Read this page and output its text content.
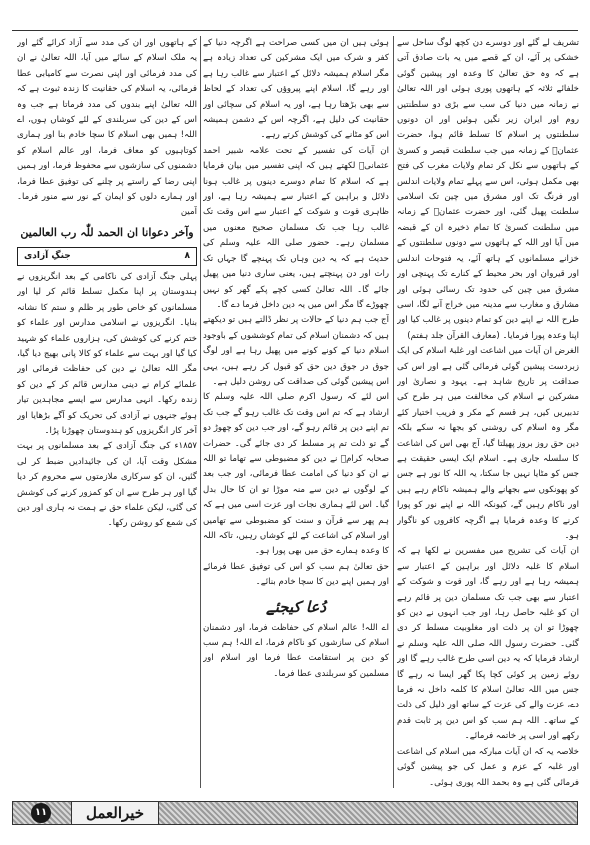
تشریف لے گئے اور دوسرے دن کچھ لوگ ساحل سے خشکی پر آئے، ان کے قصے میں یہ بات صادق آتی ہے کہ وہ حق تعالیٰ کا وعدہ اور پیشین گوئی خلفائے ثلاثہ کے ہاتھوں پوری ہوئی اور اللہ تعالیٰ نے زمانہ میں دنیا کی سب سے بڑی دو سلطنتیں روم اور ایران زیر نگیں ہوئیں اور ان دونوں سلطنتوں پر اسلام کا تسلط قائم ہوا، حضرت عثمانؓ کے زمانہ میں جب سلطنت قیصر و کسریٰ کے ہاتھوں سے نکل کر تمام ولایات مغرب کی فتح بھی مکمل ہوئی، اس سے پہلے تمام ولایات اندلس اور فرنگ تک اور مشرق میں چین تک اسلامی سلطنت پھیل گئی، اور حضرت عثمانؓ کے زمانہ میں سلطنت کسریٰ کا تمام ذخیرہ ان کے قبضہ میں آیا اور اللہ کے ہاتھوں سے دونوں سلطنتوں کے خزانے مسلمانوں کے ہاتھ آئے، یہ فتوحات اندلس اور قیروان اور بحر محیط کے کنارے تک پہنچی اور مشرق میں چین کی حدود تک رسائی ہوئی اور مشارق و مغارب سے مدینہ میں خراج آنے لگا، اسی طرح اللہ نے اپنے دین کو تمام دینوں پر غالب کیا اور اپنا وعدہ پورا فرمایا۔ (معارف القرآن جلد ہفتم)

الغرض ان آیات میں اشاعت اور غلبۂ اسلام کی ایک زبردست پیشین گوئی فرمائی گئی ہے اور اس کی صداقت پر تاریخ شاہد ہے۔ یہود و نصاریٰ اور مشرکین نے اسلام کی مخالفت میں ہر طرح کی تدبیریں کیں، ہر قسم کے مکر و فریب اختیار کئے مگر وہ اسلام کی روشنی کو بجھا نہ سکے بلکہ دین حق روز بروز پھیلتا گیا، آج بھی اس کی اشاعت کا سلسلہ جاری ہے۔ اسلام ایک ایسی حقیقت ہے جس کو مٹایا نہیں جا سکتا، یہ اللہ کا نور ہے جس کو پھونکوں سے بجھانے والے ہمیشہ ناکام رہے ہیں اور ناکام رہیں گے، کیونکہ اللہ نے اپنے نور کو پورا کرنے کا وعدہ فرمایا ہے اگرچہ کافروں کو ناگوار ہو۔

ان آیات کی تشریح میں مفسرین نے لکھا ہے کہ اسلام کا غلبہ دلائل اور براہین کے اعتبار سے ہمیشہ رہا ہے اور رہے گا، اور قوت و شوکت کے اعتبار سے بھی جب تک مسلمان دین پر قائم رہے ان کو غلبہ حاصل رہا، اور جب انہوں نے دین کو چھوڑا تو ان پر ذلت اور مغلوبیت مسلط کر دی گئی۔ حضرت رسول اللہ صلی اللہ علیہ وسلم نے ارشاد فرمایا کہ یہ دین اسی طرح غالب رہے گا اور روئے زمین پر کوئی کچا پکا گھر ایسا نہ رہے گا جس میں اللہ تعالیٰ اسلام کا کلمہ داخل نہ فرما دے، عزت والے کی عزت کے ساتھ اور ذلیل کی ذلت کے ساتھ۔ اللہ ہم سب کو اس دین پر ثابت قدم رکھے اور اسی پر خاتمہ فرمائے۔

خلاصہ یہ کہ ان آیات مبارکہ میں اسلام کی اشاعت اور غلبہ کے عزم و عمل کی جو پیشین گوئی فرمائی گئی ہے وہ بحمد اللہ پوری ہوئی۔

ہوئی ہیں ان میں کسی صراحت ہے اگرچہ دنیا کے کفر و شرک میں ایک مشرکین کی تعداد زیادہ ہے مگر اسلام ہمیشہ دلائل کے اعتبار سے غالب رہا ہے اور رہے گا، اسلام اپنے پیروؤں کی تعداد کے لحاظ سے بھی بڑھتا رہا ہے، اور یہ اسلام کی سچائی اور حقانیت کی دلیل ہے، اگرچہ اس کے دشمن ہمیشہ اس کو مٹانے کی کوشش کرتے رہے۔

ان آیات کی تفسیر کے تحت علامہ شبیر احمد عثمانیؒ لکھتے ہیں کہ اپنی تفسیر میں بیان فرمایا ہے کہ اسلام کا تمام دوسرے دینوں پر غالب ہونا دلائل و براہین کے اعتبار سے ہمیشہ رہا ہے، اور ظاہری قوت و شوکت کے اعتبار سے اس وقت تک غالب رہا جب تک مسلمان صحیح معنوں میں مسلمان رہے۔ حضور صلی اللہ علیہ وسلم کی حدیث ہے کہ یہ دین وہاں تک پہنچے گا جہاں تک رات اور دن پہنچتے ہیں، یعنی ساری دنیا میں پھیل جائے گا۔ اللہ تعالیٰ کسی کچے پکے گھر کو نہیں چھوڑے گا مگر اس میں یہ دین داخل فرما دے گا۔

آج جب ہم دنیا کے حالات پر نظر ڈالتے ہیں تو دیکھتے ہیں کہ دشمنان اسلام کی تمام کوششوں کے باوجود اسلام دنیا کے کونے کونے میں پھیل رہا ہے اور لوگ جوق در جوق دین حق کو قبول کر رہے ہیں، یہی اس پیشین گوئی کی صداقت کی روشن دلیل ہے۔

اس لئے کہ رسول اکرم صلی اللہ علیہ وسلم کا ارشاد ہے کہ تم اس وقت تک غالب رہو گے جب تک تم اپنے دین پر قائم رہو گے، اور جب دین کو چھوڑ دو گے تو ذلت تم پر مسلط کر دی جائے گی۔ حضرات صحابہ کرامؓ نے دین کو مضبوطی سے تھاما تو اللہ نے ان کو دنیا کی امامت عطا فرمائی، اور جب بعد کے لوگوں نے دین سے منہ موڑا تو ان کا حال بدل گیا۔ اس لئے ہماری نجات اور عزت اسی میں ہے کہ ہم پھر سے قرآن و سنت کو مضبوطی سے تھامیں اور اسلام کی اشاعت کے لئے کوشاں رہیں، تاکہ اللہ کا وعدہ ہمارے حق میں بھی پورا ہو۔

حق تعالیٰ ہم سب کو اس کی توفیق عطا فرمائے اور ہمیں اپنے دین کا سچا خادم بنائے۔

دُعا کیجئے

اے اللہ! عالم اسلام کی حفاظت فرما، اور دشمنان اسلام کی سازشوں کو ناکام فرما، اے اللہ! ہم سب کو دین پر استقامت عطا فرما اور اسلام اور مسلمین کو سربلندی عطا فرما۔

کے ہاتھوں اور ان کی مدد سے آزاد کرائے گئے اور یہ ملک اسلام کے سائے میں آیا، اللہ تعالیٰ نے ان کی مدد فرمائی اور اپنی نصرت سے کامیابی عطا فرمائی، یہ اسلام کی حقانیت کا زندہ ثبوت ہے کہ اللہ تعالیٰ اپنے بندوں کی مدد فرماتا ہے جب وہ اس کے دین کی سربلندی کے لئے کوشاں ہوں، اے اللہ! ہمیں بھی اسلام کا سچا خادم بنا اور ہماری کوتاہیوں کو معاف فرما، اور عالم اسلام کو دشمنوں کی سازشوں سے محفوظ فرما، اور ہمیں اپنی رضا کے راستے پر چلنے کی توفیق عطا فرما، اور ہمارے دلوں کو ایمان کے نور سے منور فرما۔ آمین

وآخر دعوانا ان الحمد للّٰہ رب العالمین
۸
جنگِ آزادی

پہلی جنگ آزادی کی ناکامی کے بعد انگریزوں نے ہندوستان پر اپنا مکمل تسلط قائم کر لیا اور مسلمانوں کو خاص طور پر ظلم و ستم کا نشانہ بنایا۔ انگریزوں نے اسلامی مدارس اور علماء کو ختم کرنے کی کوشش کی، ہزاروں علماء کو شہید کیا گیا اور بہت سے علماء کو کالا پانی بھیج دیا گیا، مگر اللہ تعالیٰ نے دین کی حفاظت فرمائی اور علمائے کرام نے دینی مدارس قائم کر کے دین کو زندہ رکھا۔ انہی مدارس سے ایسے مجاہدین تیار ہوئے جنہوں نے آزادی کی تحریک کو آگے بڑھایا اور آخر کار انگریزوں کو ہندوستان چھوڑنا پڑا۔

۱۸۵۷ء کی جنگ آزادی کے بعد مسلمانوں پر بہت مشکل وقت آیا، ان کی جائیدادیں ضبط کر لی گئیں، ان کو سرکاری ملازمتوں سے محروم کر دیا گیا اور ہر طرح سے ان کو کمزور کرنے کی کوشش کی گئی، لیکن علماء حق نے ہمت نہ ہاری اور دین کی شمع کو روشن رکھا۔

۱۱	خیرالعمل
